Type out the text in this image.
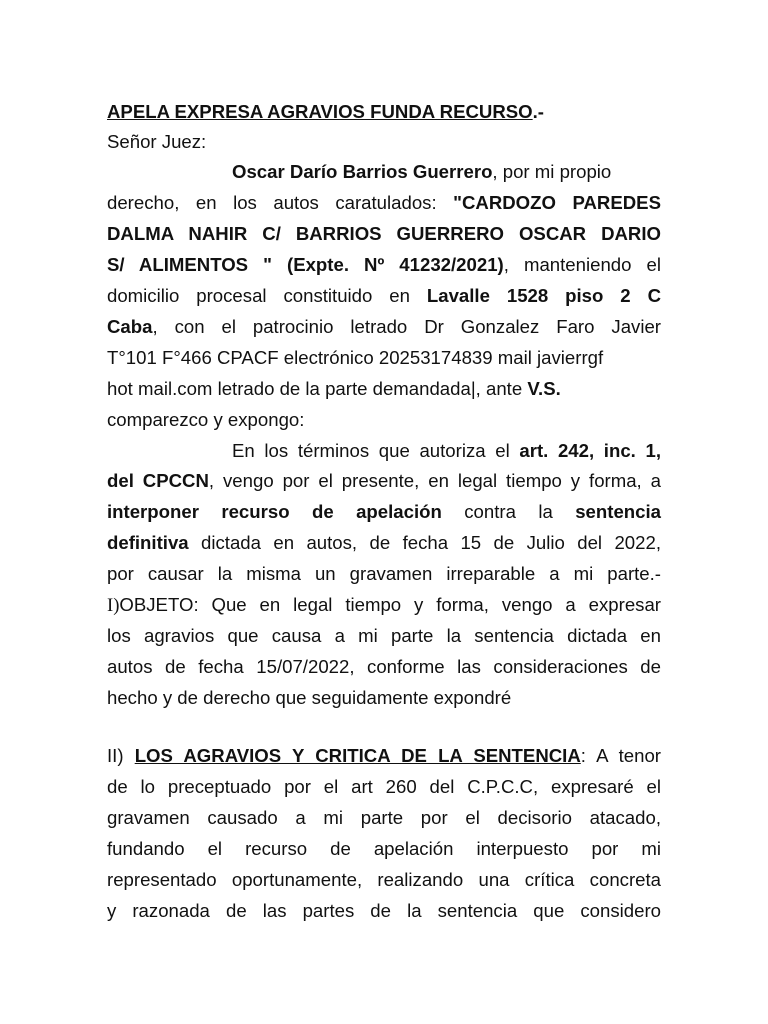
APELA EXPRESA AGRAVIOS FUNDA RECURSO.-
Señor Juez:
Oscar Darío Barrios Guerrero, por mi propio
derecho, en los autos caratulados: "CARDOZO PAREDES
DALMA NAHIR C/ BARRIOS GUERRERO OSCAR DARIO
S/ ALIMENTOS " (Expte. Nº 41232/2021), manteniendo el
domicilio procesal constituido en Lavalle 1528 piso 2 C
Caba, con el patrocinio letrado Dr Gonzalez Faro Javier
T°101 F°466 CPACF electrónico 20253174839 mail javierrgf
hot mail.com letrado de la parte demandada|, ante V.S.
comparezco y expongo:
En los términos que autoriza el art. 242, inc. 1,
del CPCCN, vengo por el presente, en legal tiempo y forma, a
interponer recurso de apelación contra la sentencia
definitiva dictada en autos, de fecha 15 de Julio del 2022,
por causar la misma un gravamen irreparable a mi parte.-
I)OBJETO: Que en legal tiempo y forma, vengo a expresar
los agravios que causa a mi parte la sentencia dictada en
autos de fecha 15/07/2022, conforme las consideraciones de
hecho y de derecho que seguidamente expondré
II) LOS AGRAVIOS Y CRITICA DE LA SENTENCIA: A tenor
de lo preceptuado por el art 260 del C.P.C.C, expresaré el
gravamen causado a mi parte por el decisorio atacado,
fundando el recurso de apelación interpuesto por mi
representado oportunamente, realizando una crítica concreta
y razonada de las partes de la sentencia que considero
